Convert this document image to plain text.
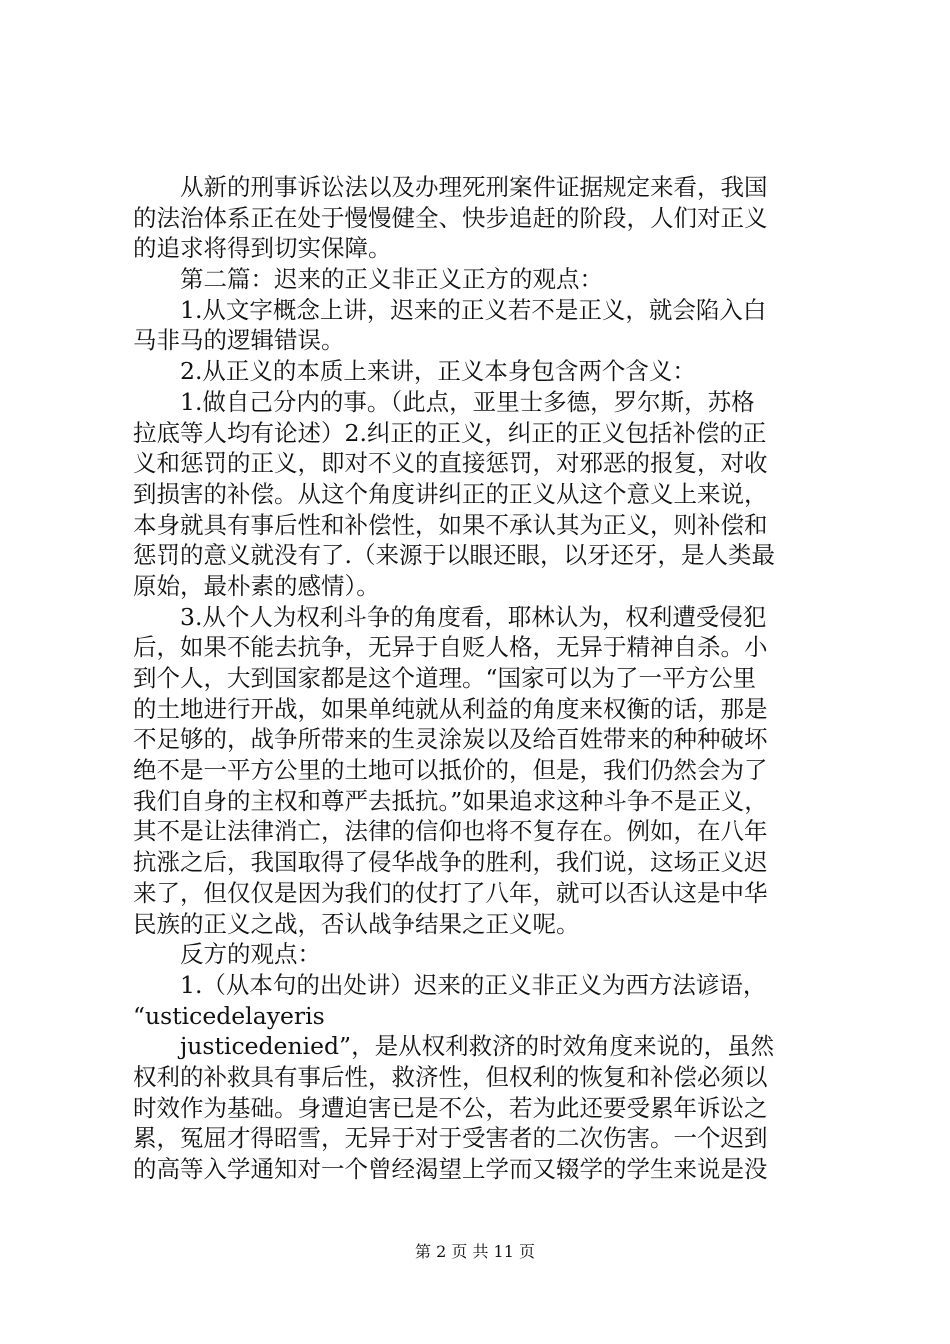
从新的刑事诉讼法以及办理死刑案件证据规定来看，我国
的法治体系正在处于慢慢健全、快步追赶的阶段，人们对正义
的追求将得到切实保障。
第二篇：迟来的正义非正义正方的观点：
1.从文字概念上讲，迟来的正义若不是正义，就会陷入白
马非马的逻辑错误。
2.从正义的本质上来讲，正义本身包含两个含义：
1.做自己分内的事。（此点，亚里士多德，罗尔斯，苏格
拉底等人均有论述）2.纠正的正义，纠正的正义包括补偿的正
义和惩罚的正义，即对不义的直接惩罚，对邪恶的报复，对收
到损害的补偿。从这个角度讲纠正的正义从这个意义上来说，
本身就具有事后性和补偿性，如果不承认其为正义，则补偿和
惩罚的意义就没有了.（来源于以眼还眼，以牙还牙，是人类最
原始，最朴素的感情）。
3.从个人为权利斗争的角度看，耶林认为，权利遭受侵犯
后，如果不能去抗争，无异于自贬人格，无异于精神自杀。小
到个人，大到国家都是这个道理。“国家可以为了一平方公里
的土地进行开战，如果单纯就从利益的角度来权衡的话，那是
不足够的，战争所带来的生灵涂炭以及给百姓带来的种种破坏
绝不是一平方公里的土地可以抵价的，但是，我们仍然会为了
我们自身的主权和尊严去抵抗。”如果追求这种斗争不是正义，
其不是让法律消亡，法律的信仰也将不复存在。例如，在八年
抗涨之后，我国取得了侵华战争的胜利，我们说，这场正义迟
来了，但仅仅是因为我们的仗打了八年，就可以否认这是中华
民族的正义之战，否认战争结果之正义呢。
反方的观点：
1.（从本句的出处讲）迟来的正义非正义为西方法谚语，
“usticedelayeris
justicedenied”，是从权利救济的时效角度来说的，虽然
权利的补救具有事后性，救济性，但权利的恢复和补偿必须以
时效作为基础。身遭迫害已是不公，若为此还要受累年诉讼之
累，冤屈才得昭雪，无异于对于受害者的二次伤害。一个迟到
的高等入学通知对一个曾经渴望上学而又辍学的学生来说是没
第 2 页 共 11 页
